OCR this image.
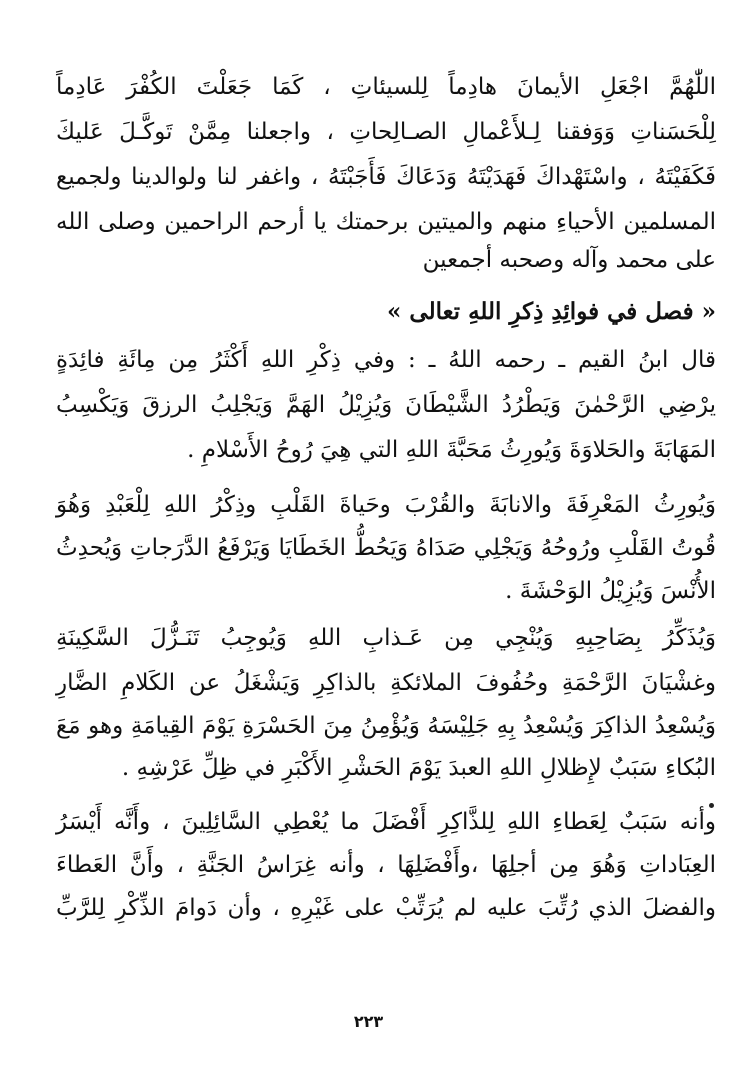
اللّٰهُمَّ اجْعَلِ الأيمانَ هادِماً لِلسيئاتِ ، كَمَا جَعَلْتَ الكُفْرَ عَادِماً
لِلْحَسَناتِ وَوَفقنا لِـلأَعْمالِ الصـالِحاتِ ، واجعلنا مِمَّنْ تَوكَّـلَ عَليكَ
فَكَفَيْتَهُ ، واسْتَهْداكَ فَهَدَيْتَهُ وَدَعَاكَ فَأَجَبْتَهُ ، واغفر لنا ولوالدينا ولجميع
المسلمين الأحياءِ منهم والميتين برحمتك يا أرحم الراحمين وصلى الله
على محمد وآله وصحبه أجمعين
« فصل في فوائِدِ ذِكرِ اللهِ تعالى »
قال ابنُ القيم ـ رحمه اللهُ ـ : وفي ذِكْرِ اللهِ أَكْثَرُ مِن مِائَةِ فائِدَةٍ
يرْضِي الرَّحْمٰنَ وَيَطْرُدُ الشَّيْطَانَ وَيُزِيْلُ الهَمَّ وَيَجْلِبُ الرزقَ وَيَكْسِبُ
المَهَابَةَ والحَلاوَةَ وَيُورِثُ مَحَبَّةَ اللهِ التي هِيَ رُوحُ الأَسْلامِ .
وَيُورِثُ المَعْرِفَةَ والانابَةَ والقُرْبَ وحَياةَ القَلْبِ وذِكْرُ اللهِ لِلْعَبْدِ وَهُوَ
قُوتُ القَلْبِ ورُوحُهُ وَيَجْلِي صَدَاهُ وَيَحُطُّ الخَطَايَا وَيَرْفَعُ الدَّرَجاتِ وَيُحدِثُ
الأُنْسَ وَيُزِيْلُ الوَحْشَةَ .
وَيُذَكِّرُ بِصَاحِبِهِ وَيُنْجِي مِن عَـذابِ اللهِ وَيُوجِبُ تَنَـزُّلَ السَّكِينَةِ
وغشْيَانَ الرَّحْمَةِ وحُفُوفَ الملائكةِ بالذاكِرِ وَيَشْغَلُ عن الكَلامِ الضَّارِ
وَيُسْعِدُ الذاكِرَ وَيُسْعِدُ بِهِ جَلِيْسَهُ وَيُؤْمِنُ مِنَ الحَسْرَةِ يَوْمَ القِيامَةِ وهو مَعَ
البُكاءِ سَبَبٌ لإِظلالِ اللهِ العبدَ يَوْمَ الحَشْرِ الأَكْبَرِ في ظِلِّ عَرْشِهِ .
وأنه سَبَبٌ لِعَطاءِ اللهِ لِلذَّاكِرِ أَفْضَلَ ما يُعْطِي السَّائِلِينَ ، وأَنَّه أَيْسَرُ
العِبَاداتِ وَهُوَ مِن أجلِهَا ،وأَفْضَلِهَا ، وأنه غِرَاسُ الجَنَّةِ ، وأَنَّ العَطاءَ
والفضلَ الذي رُتِّبَ عليه لم يُرَتِّبْ على غَيْرِهِ ، وأن دَوامَ الذِّكْرِ لِلرَّبِّ
٢٢٣
